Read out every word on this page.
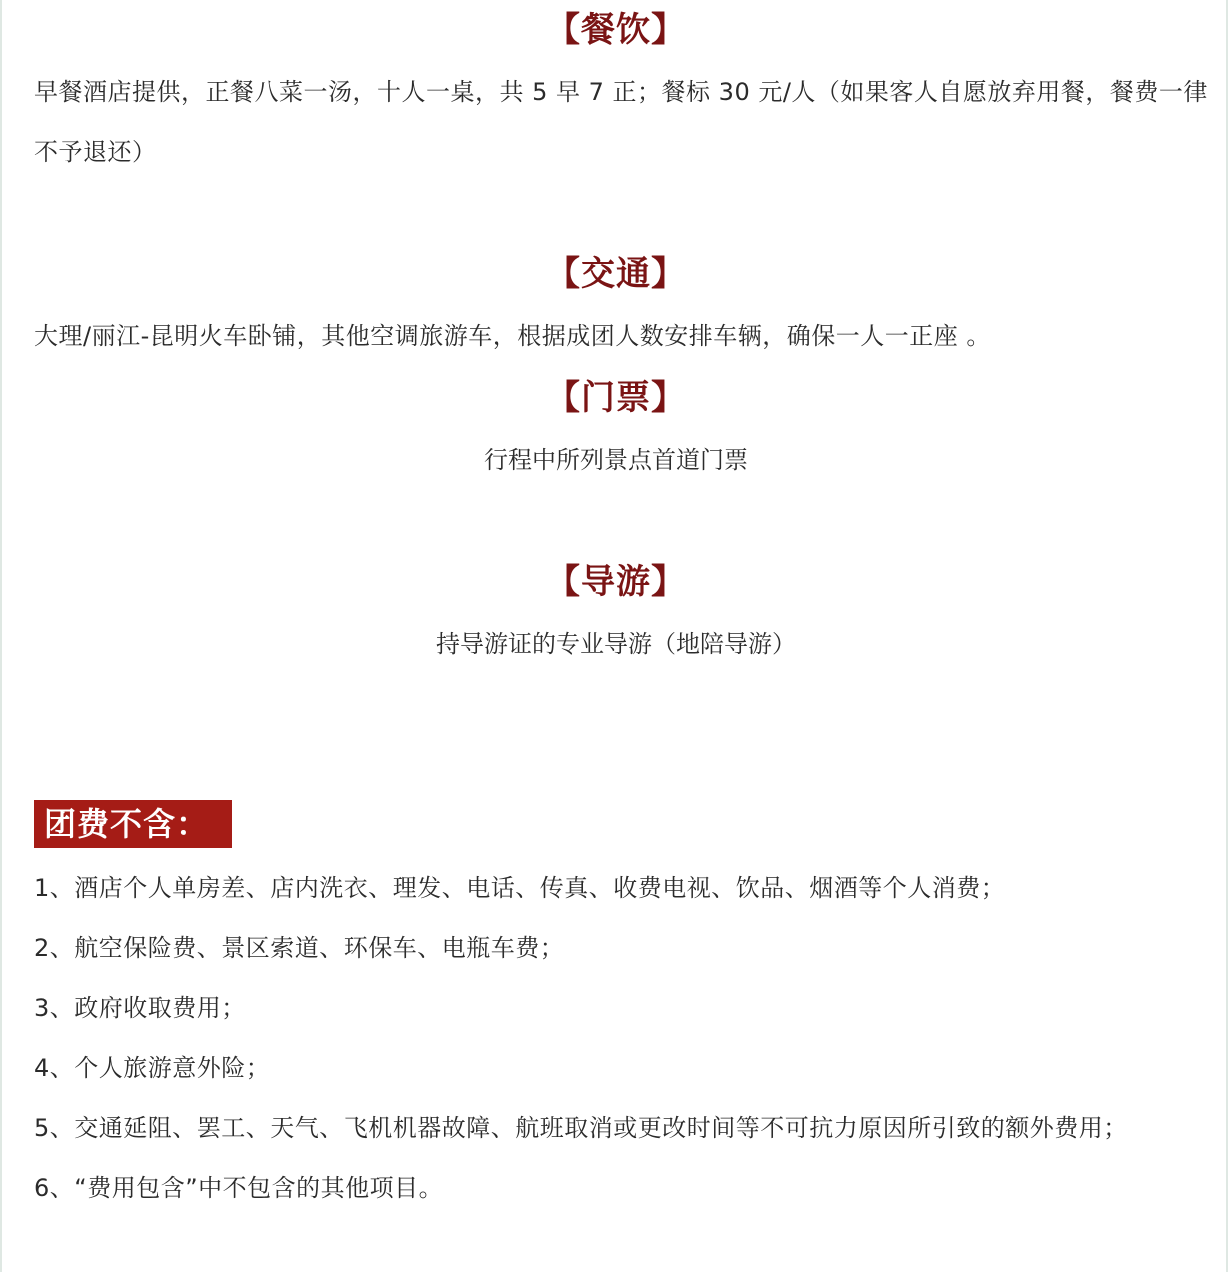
【餐饮】
早餐酒店提供，正餐八菜一汤，十人一桌，共 5 早 7 正；餐标 30 元/人（如果客人自愿放弃用餐，餐费一律不予退还）
【交通】
大理/丽江-昆明火车卧铺，其他空调旅游车，根据成团人数安排车辆，确保一人一正座 。
【门票】
行程中所列景点首道门票
【导游】
持导游证的专业导游（地陪导游）
团费不含：
1、酒店个人单房差、店内洗衣、理发、电话、传真、收费电视、饮品、烟酒等个人消费；
2、航空保险费、景区索道、环保车、电瓶车费；
3、政府收取费用；
4、个人旅游意外险；
5、交通延阻、罢工、天气、飞机机器故障、航班取消或更改时间等不可抗力原因所引致的额外费用；
6、“费用包含”中不包含的其他项目。
